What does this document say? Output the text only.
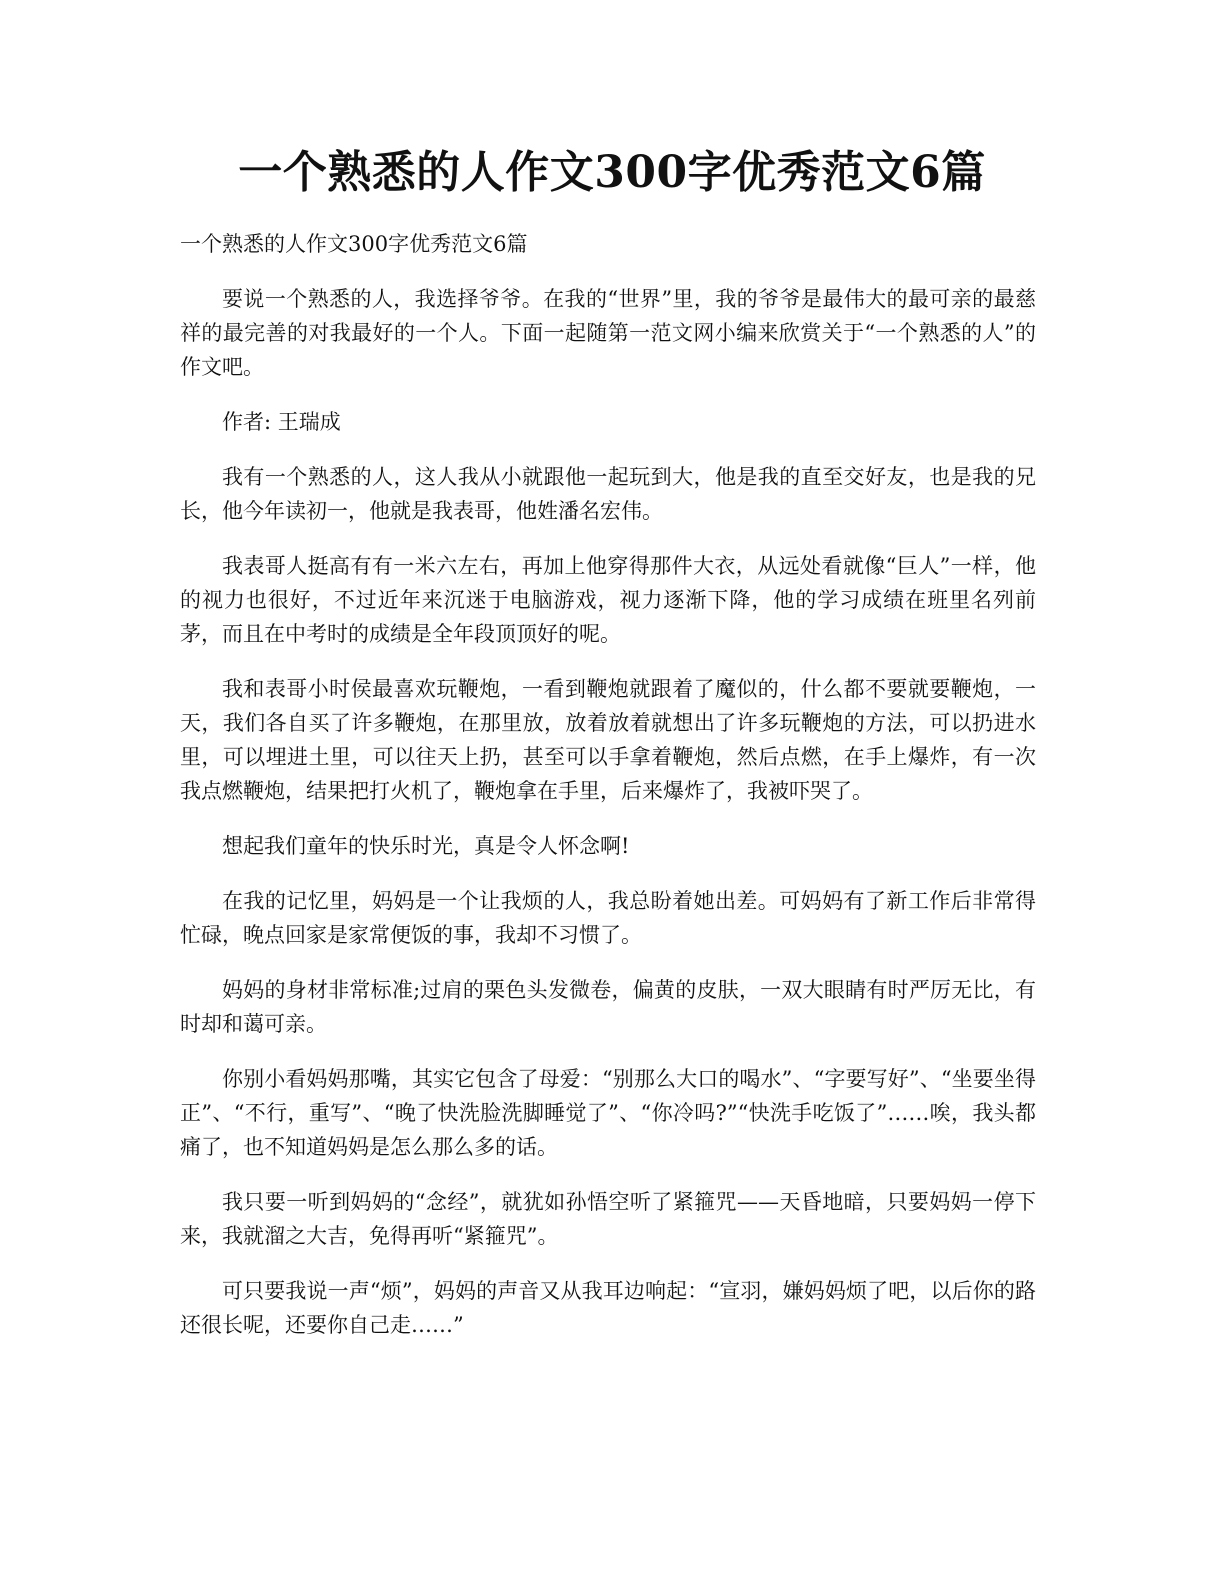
一个熟悉的人作文300字优秀范文6篇

一个熟悉的人作文300字优秀范文6篇

要说一个熟悉的人，我选择爷爷。在我的“世界”里，我的爷爷是最伟大的最可亲的最慈祥的最完善的对我最好的一个人。下面一起随第一范文网小编来欣赏关于“一个熟悉的人”的作文吧。

作者: 王瑞成

我有一个熟悉的人，这人我从小就跟他一起玩到大，他是我的直至交好友，也是我的兄长，他今年读初一，他就是我表哥，他姓潘名宏伟。

我表哥人挺高有有一米六左右，再加上他穿得那件大衣，从远处看就像“巨人”一样，他的视力也很好，不过近年来沉迷于电脑游戏，视力逐渐下降，他的学习成绩在班里名列前茅，而且在中考时的成绩是全年段顶顶好的呢。

我和表哥小时侯最喜欢玩鞭炮，一看到鞭炮就跟着了魔似的，什么都不要就要鞭炮，一天，我们各自买了许多鞭炮，在那里放，放着放着就想出了许多玩鞭炮的方法，可以扔进水里，可以埋进土里，可以往天上扔，甚至可以手拿着鞭炮，然后点燃，在手上爆炸，有一次我点燃鞭炮，结果把打火机了，鞭炮拿在手里，后来爆炸了，我被吓哭了。

想起我们童年的快乐时光，真是令人怀念啊!

在我的记忆里，妈妈是一个让我烦的人，我总盼着她出差。可妈妈有了新工作后非常得忙碌，晚点回家是家常便饭的事，我却不习惯了。

妈妈的身材非常标准;过肩的栗色头发微卷，偏黄的皮肤，一双大眼睛有时严厉无比，有时却和蔼可亲。

你别小看妈妈那嘴，其实它包含了母爱：“别那么大口的喝水”、“字要写好”、“坐要坐得正”、“不行，重写”、“晚了快洗脸洗脚睡觉了”、“你冷吗?”“快洗手吃饭了”……唉，我头都痛了，也不知道妈妈是怎么那么多的话。

我只要一听到妈妈的“念经”，就犹如孙悟空听了紧箍咒——天昏地暗，只要妈妈一停下来，我就溜之大吉，免得再听“紧箍咒”。

可只要我说一声“烦”，妈妈的声音又从我耳边响起：“宣羽，嫌妈妈烦了吧，以后你的路还很长呢，还要你自己走……”
